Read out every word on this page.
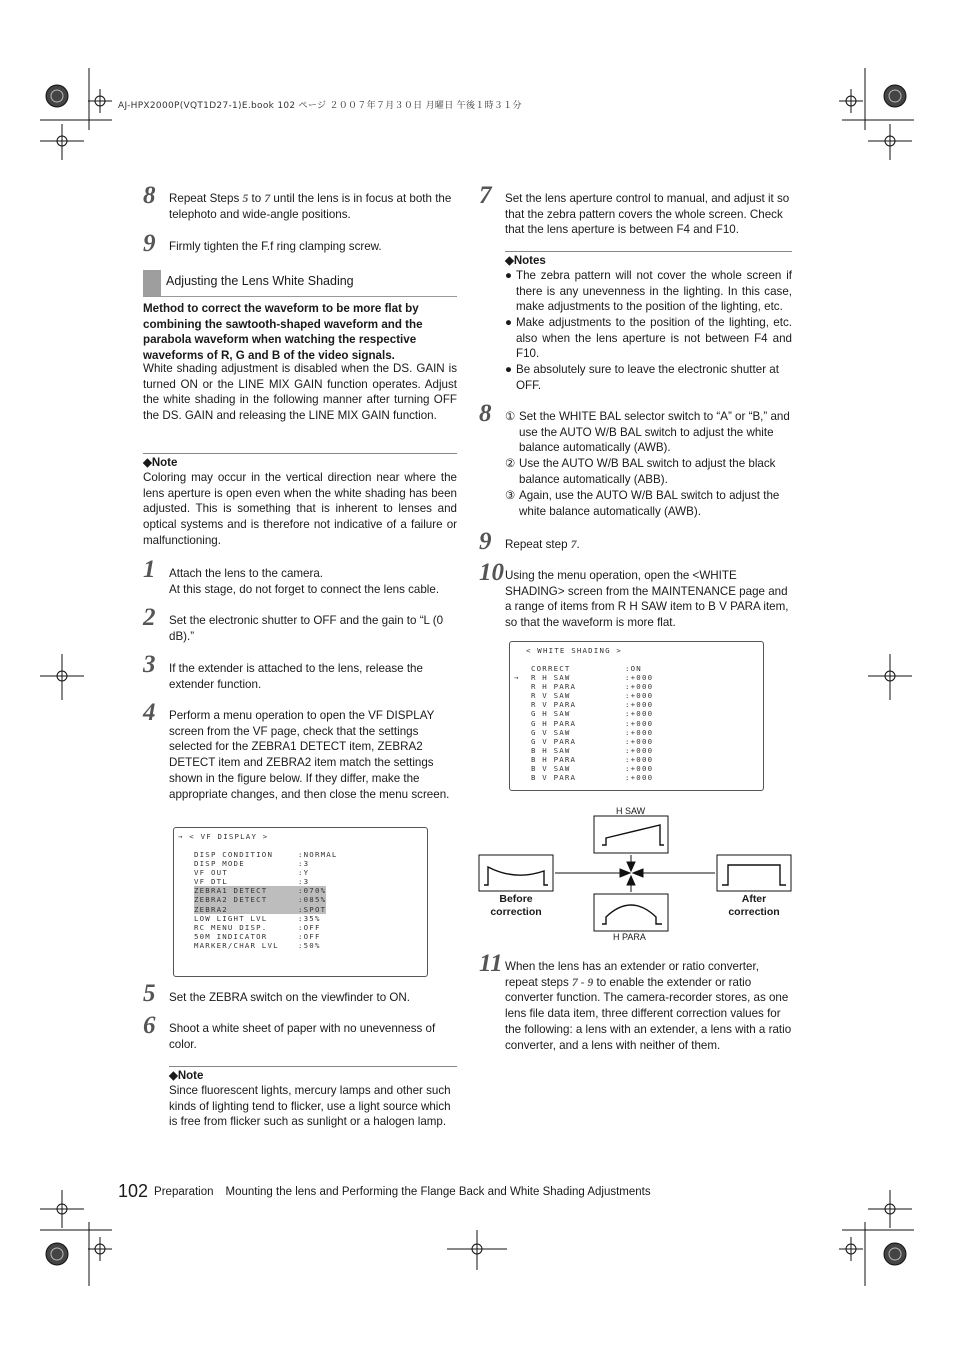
AJ-HPX2000P(VQT1D27-1)E.book 102 ページ ２００７年７月３０日 月曜日 午後１時３１分
8 Repeat Steps 5 to 7 until the lens is in focus at both the telephoto and wide-angle positions.
9 Firmly tighten the F.f ring clamping screw.
Adjusting the Lens White Shading
Method to correct the waveform to be more flat by combining the sawtooth-shaped waveform and the parabola waveform when watching the respective waveforms of R, G and B of the video signals.
White shading adjustment is disabled when the DS. GAIN is turned ON or the LINE MIX GAIN function operates. Adjust the white shading in the following manner after turning OFF the DS. GAIN and releasing the LINE MIX GAIN function.
◆Note
Coloring may occur in the vertical direction near where the lens aperture is open even when the white shading has been adjusted. This is something that is inherent to lenses and optical systems and is therefore not indicative of a failure or malfunctioning.
1 Attach the lens to the camera.
At this stage, do not forget to connect the lens cable.
2 Set the electronic shutter to OFF and the gain to “L (0 dB).”
3 If the extender is attached to the lens, release the extender function.
4 Perform a menu operation to open the VF DISPLAY screen from the VF page, check that the settings selected for the ZEBRA1 DETECT item, ZEBRA2 DETECT item and ZEBRA2 item match the settings shown in the figure below. If they differ, make the appropriate changes, and then close the menu screen.
→ < VF DISPLAY >
DISP CONDITION	:NORMAL
DISP MODE	:3
VF OUT	:Y
VF DTL	:3
ZEBRA1 DETECT	:070%
ZEBRA2 DETECT	:085%
ZEBRA2	:SPOT
LOW LIGHT LVL	:35%
RC MENU DISP.	:OFF
50M INDICATOR	:OFF
MARKER/CHAR LVL	:50%
5 Set the ZEBRA switch on the viewfinder to ON.
6 Shoot a white sheet of paper with no unevenness of color.
◆Note
Since fluorescent lights, mercury lamps and other such kinds of lighting tend to flicker, use a light source which is free from flicker such as sunlight or a halogen lamp.
7 Set the lens aperture control to manual, and adjust it so that the zebra pattern covers the whole screen. Check that the lens aperture is between F4 and F10.
◆Notes
● The zebra pattern will not cover the whole screen if there is any unevenness in the lighting. In this case, make adjustments to the position of the lighting, etc.
● Make adjustments to the position of the lighting, etc. also when the lens aperture is not between F4 and F10.
● Be absolutely sure to leave the electronic shutter at OFF.
8 ① Set the WHITE BAL selector switch to “A” or “B,” and use the AUTO W/B BAL switch to adjust the white balance automatically (AWB).
② Use the AUTO W/B BAL switch to adjust the black balance automatically (ABB).
③ Again, use the AUTO W/B BAL switch to adjust the white balance automatically (AWB).
9 Repeat step 7.
10 Using the menu operation, open the <WHITE SHADING> screen from the MAINTENANCE page and a range of items from R H SAW item to B V PARA item, so that the waveform is more flat.
< WHITE SHADING >
→
CORRECT	:ON
R H SAW	:+000
R H PARA	:+000
R V SAW	:+000
R V PARA	:+000
G H SAW	:+000
G H PARA	:+000
G V SAW	:+000
G V PARA	:+000
B H SAW	:+000
B H PARA	:+000
B V SAW	:+000
B V PARA	:+000
H SAW
H PARA
Before correction
After correction
11 When the lens has an extender or ratio converter, repeat steps 7 - 9 to enable the extender or ratio converter function. The camera-recorder stores, as one lens file data item, three different correction values for the following: a lens with an extender, a lens with a ratio converter, and a lens with neither of them.
102 Preparation Mounting the lens and Performing the Flange Back and White Shading Adjustments
